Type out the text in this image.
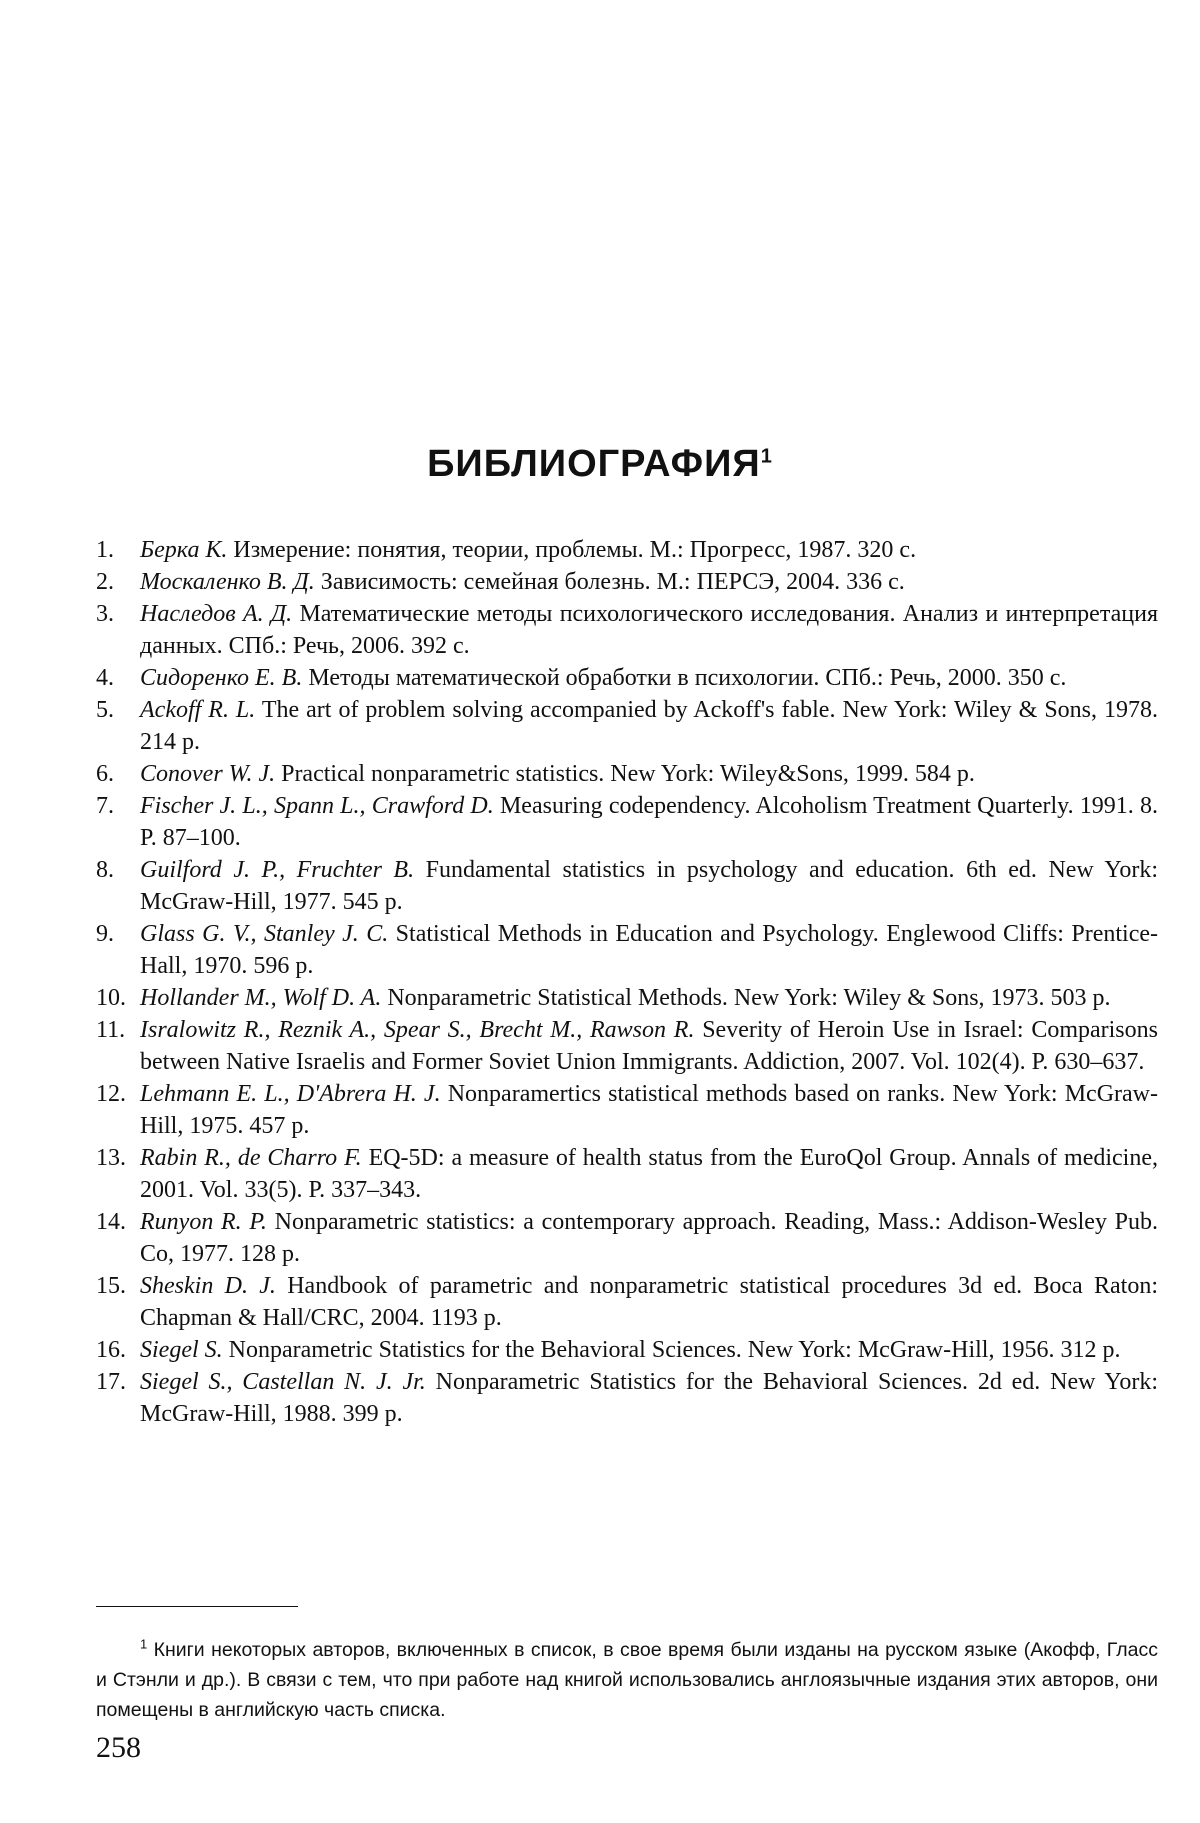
БИБЛИОГРАФИЯ$^1$
1.	Берка К. Измерение: понятия, теории, проблемы. М.: Прогресс, 1987. 320 с.
2.	Москаленко В. Д. Зависимость: семейная болезнь. М.: ПЕРСЭ, 2004. 336 с.
3.	Наследов А. Д. Математические методы психологического исследования. Анализ и интерпретация данных. СПб.: Речь, 2006. 392 с.
4.	Сидоренко Е. В. Методы математической обработки в психологии. СПб.: Речь, 2000. 350 с.
5.	Ackoff R. L. The art of problem solving accompanied by Ackoff's fable. New York: Wiley & Sons, 1978. 214 p.
6.	Conover W. J. Practical nonparametric statistics. New York: Wiley&Sons, 1999. 584 p.
7.	Fischer J. L., Spann L., Crawford D. Measuring codependency. Alcoholism Treatment Quarterly. 1991. 8. P. 87–100.
8.	Guilford J. P., Fruchter B. Fundamental statistics in psychology and education. 6th ed. New York: McGraw-Hill, 1977. 545 p.
9.	Glass G. V., Stanley J. C. Statistical Methods in Education and Psychology. Englewood Cliffs: Prentice-Hall, 1970. 596 p.
10. Hollander M., Wolf D. A. Nonparametric Statistical Methods. New York: Wiley & Sons, 1973. 503 p.
11. Isralowitz R., Reznik A., Spear S., Brecht M., Rawson R. Severity of Heroin Use in Israel: Comparisons between Native Israelis and Former Soviet Union Immigrants. Addiction, 2007. Vol. 102(4). P. 630–637.
12. Lehmann E. L., D'Abrera H. J. Nonparamertics statistical methods based on ranks. New York: McGraw-Hill, 1975. 457 p.
13. Rabin R., de Charro F. EQ-5D: a measure of health status from the EuroQol Group. Annals of medicine, 2001. Vol. 33(5). P. 337–343.
14. Runyon R. P. Nonparametric statistics: a contemporary approach. Reading, Mass.: Addison-Wesley Pub. Co, 1977. 128 p.
15. Sheskin D. J. Handbook of parametric and nonparametric statistical procedures 3d ed. Boca Raton: Chapman & Hall/CRC, 2004. 1193 p.
16. Siegel S. Nonparametric Statistics for the Behavioral Sciences. New York: McGraw-Hill, 1956. 312 p.
17. Siegel S., Castellan N. J. Jr. Nonparametric Statistics for the Behavioral Sciences. 2d ed. New York: McGraw-Hill, 1988. 399 p.

$^1$ Книги некоторых авторов, включенных в список, в свое время были изданы на русском языке (Акофф, Гласс и Стэнли и др.). В связи с тем, что при работе над книгой использовались англоязычные издания этих авторов, они помещены в английскую часть списка.

258
